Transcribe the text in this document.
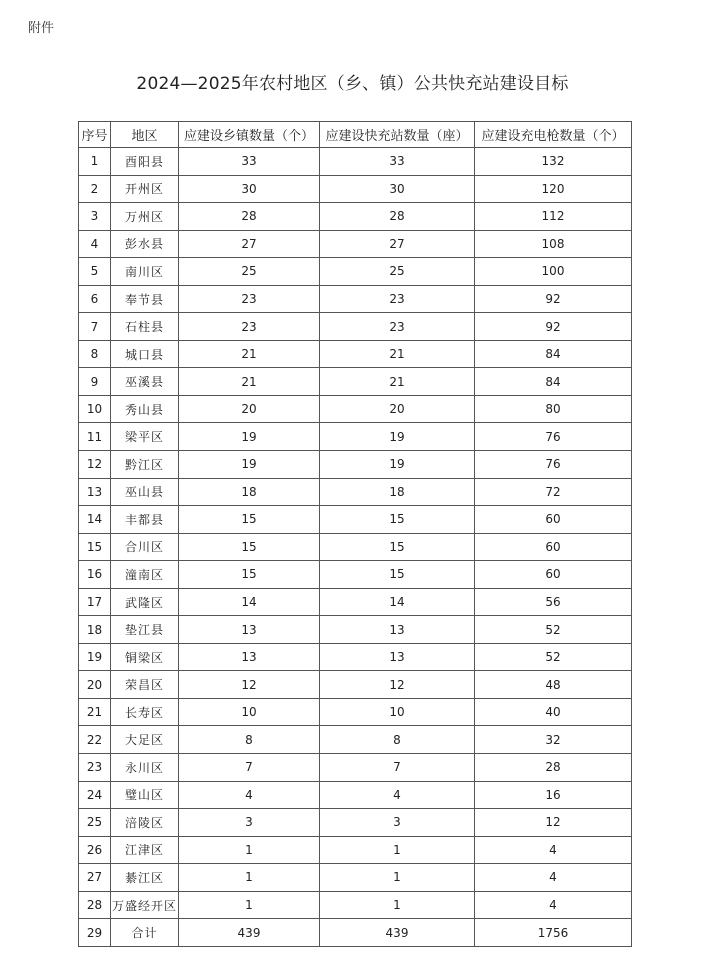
附件
2024—2025年农村地区（乡、镇）公共快充站建设目标
序号	地区	应建设乡镇数量（个）	应建设快充站数量（座）	应建设充电枪数量（个）
1	酉阳县	33	33	132
2	开州区	30	30	120
3	万州区	28	28	112
4	彭水县	27	27	108
5	南川区	25	25	100
6	奉节县	23	23	92
7	石柱县	23	23	92
8	城口县	21	21	84
9	巫溪县	21	21	84
10	秀山县	20	20	80
11	梁平区	19	19	76
12	黔江区	19	19	76
13	巫山县	18	18	72
14	丰都县	15	15	60
15	合川区	15	15	60
16	潼南区	15	15	60
17	武隆区	14	14	56
18	垫江县	13	13	52
19	铜梁区	13	13	52
20	荣昌区	12	12	48
21	长寿区	10	10	40
22	大足区	8	8	32
23	永川区	7	7	28
24	璧山区	4	4	16
25	涪陵区	3	3	12
26	江津区	1	1	4
27	綦江区	1	1	4
28	万盛经开区	1	1	4
29	合计	439	439	1756
